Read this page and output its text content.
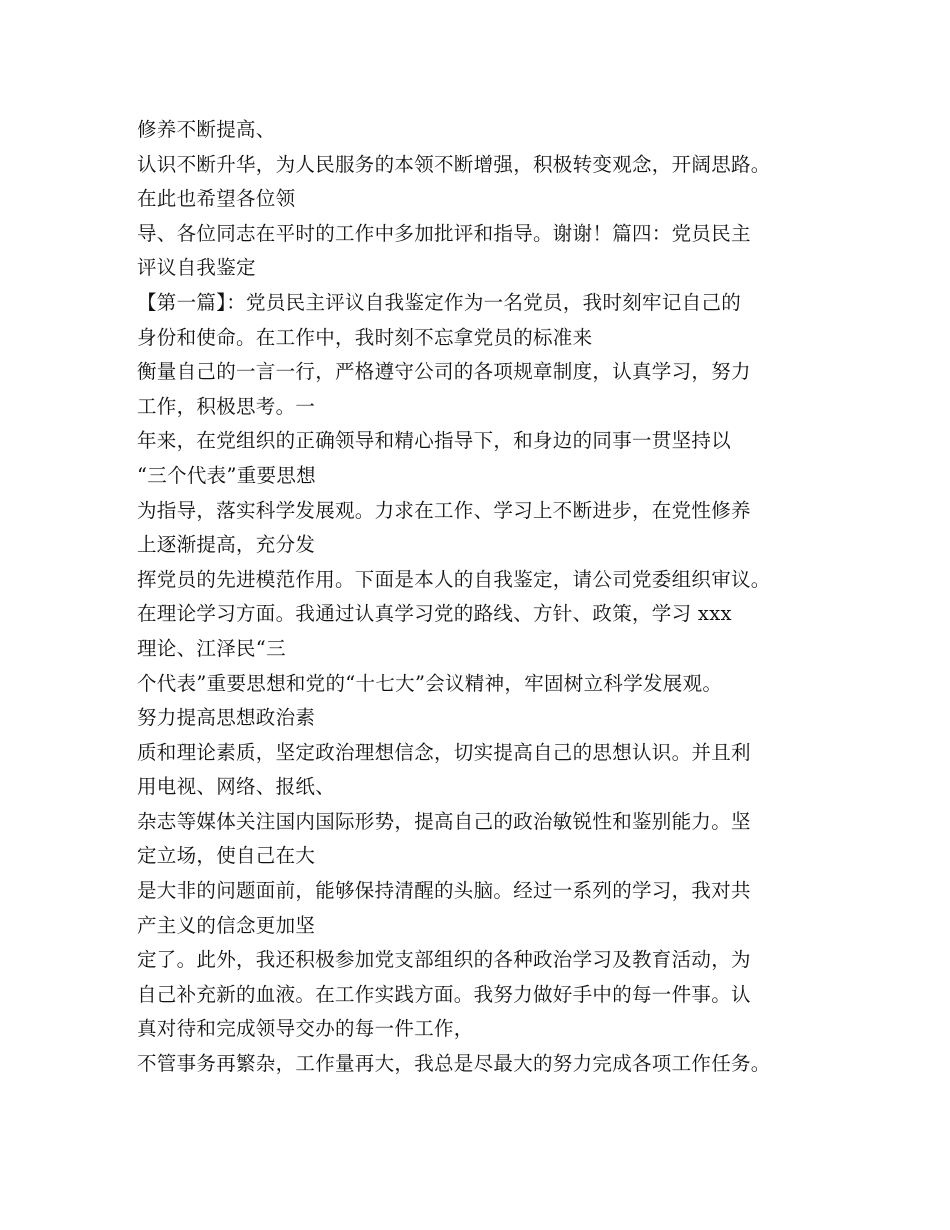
修养不断提高、
认识不断升华，为人民服务的本领不断增强，积极转变观念，开阔思路。
在此也希望各位领
导、各位同志在平时的工作中多加批评和指导。谢谢！篇四：党员民主
评议自我鉴定
【第一篇】：党员民主评议自我鉴定作为一名党员，我时刻牢记自己的
身份和使命。在工作中，我时刻不忘拿党员的标准来
衡量自己的一言一行，严格遵守公司的各项规章制度，认真学习，努力
工作，积极思考。一
年来，在党组织的正确领导和精心指导下，和身边的同事一贯坚持以
“三个代表”重要思想
为指导，落实科学发展观。力求在工作、学习上不断进步，在党性修养
上逐渐提高，充分发
挥党员的先进模范作用。下面是本人的自我鉴定，请公司党委组织审议。
在理论学习方面。我通过认真学习党的路线、方针、政策，学习 xxx
理论、江泽民“三
个代表”重要思想和党的“十七大”会议精神，牢固树立科学发展观。
努力提高思想政治素
质和理论素质，坚定政治理想信念，切实提高自己的思想认识。并且利
用电视、网络、报纸、
杂志等媒体关注国内国际形势，提高自己的政治敏锐性和鉴别能力。坚
定立场，使自己在大
是大非的问题面前，能够保持清醒的头脑。经过一系列的学习，我对共
产主义的信念更加坚
定了。此外，我还积极参加党支部组织的各种政治学习及教育活动，为
自己补充新的血液。在工作实践方面。我努力做好手中的每一件事。认
真对待和完成领导交办的每一件工作，
不管事务再繁杂，工作量再大，我总是尽最大的努力完成各项工作任务。
